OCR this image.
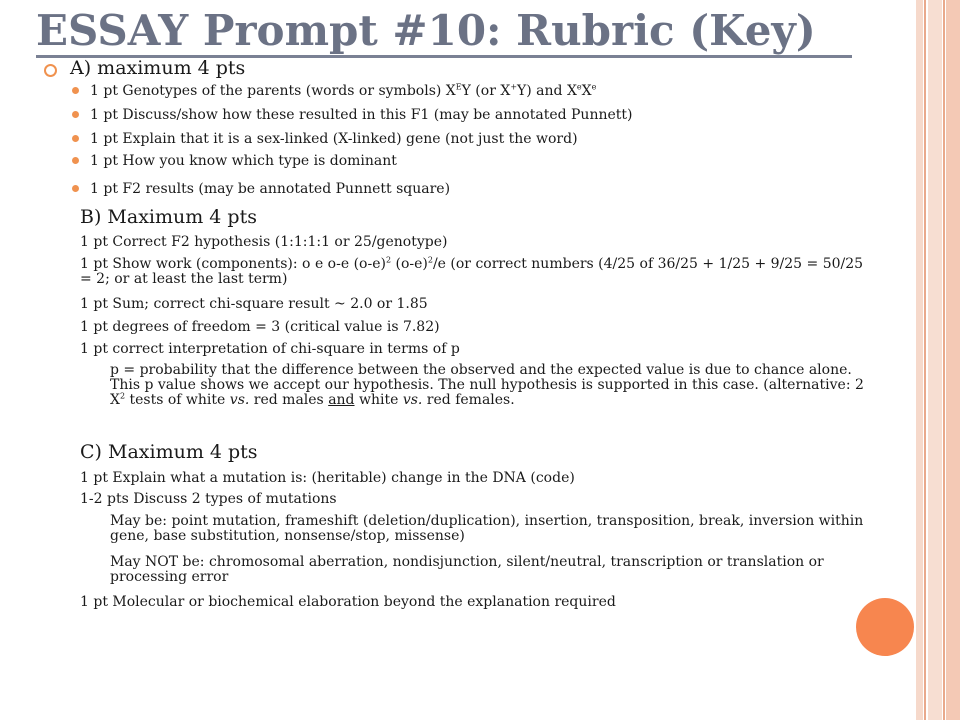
ESSAY Prompt #10: Rubric (Key)
A) maximum 4 pts
1 pt Genotypes of the parents (words or symbols) $X^EY$ (or X+Y) and XeXe
1 pt Discuss/show how these resulted in this F1 (may be annotated Punnett)
1 pt Explain that it is a sex-linked (X-linked) gene (not just the word)
1 pt How you know which type is dominant
1 pt F2 results (may be annotated Punnett square)
B) Maximum 4 pts
1 pt Correct F2 hypothesis (1:1:1:1 or 25/genotype)
1 pt Show work (components): o e o-e $(o-e)^2$ $(o-e)^2/e$ (or correct numbers (4/25 of 36/25 + 1/25 + 9/25 = 50/25 = 2; or at least the last term)
1 pt Sum; correct chi-square result ~ 2.0 or 1.85
1 pt degrees of freedom = 3 (critical value is 7.82)
1 pt correct interpretation of chi-square in terms of p
p = probability that the difference between the observed and the expected value is due to chance alone. This p value shows we accept our hypothesis. The null hypothesis is supported in this case. (alternative: 2 $X^2$ tests of white vs. red males and white vs. red females.
C) Maximum 4 pts
1 pt Explain what a mutation is: (heritable) change in the DNA (code)
1-2 pts Discuss 2 types of mutations
May be: point mutation, frameshift (deletion/duplication), insertion, transposition, break, inversion within gene, base substitution, nonsense/stop, missense)
May NOT be: chromosomal aberration, nondisjunction, silent/neutral, transcription or translation or processing error
1 pt Molecular or biochemical elaboration beyond the explanation required
